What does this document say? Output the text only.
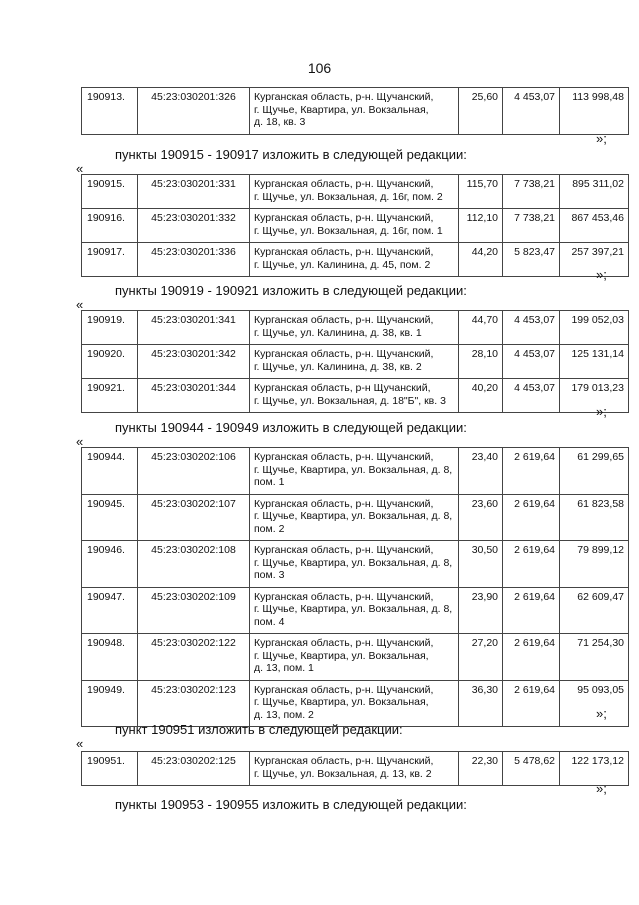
106
190913.	45:23:030201:326	Курганская область, р-н. Щучанский,
г. Щучье, Квартира, ул. Вокзальная,
д. 18, кв. 3	25,60	4 453,07	113 998,48
»;
пункты 190915 - 190917 изложить в следующей редакции:
«
190915.	45:23:030201:331	Курганская область, р-н. Щучанский,
г. Щучье, ул. Вокзальная, д. 16г, пом. 2	115,70	7 738,21	895 311,02
190916.	45:23:030201:332	Курганская область, р-н. Щучанский,
г. Щучье, ул. Вокзальная, д. 16г, пом. 1	112,10	7 738,21	867 453,46
190917.	45:23:030201:336	Курганская область, р-н. Щучанский,
г. Щучье, ул. Калинина, д. 45, пом. 2	44,20	5 823,47	257 397,21
»;
пункты 190919 - 190921 изложить в следующей редакции:
«
190919.	45:23:030201:341	Курганская область, р-н. Щучанский,
г. Щучье, ул. Калинина, д. 38, кв. 1	44,70	4 453,07	199 052,03
190920.	45:23:030201:342	Курганская область, р-н. Щучанский,
г. Щучье, ул. Калинина, д. 38, кв. 2	28,10	4 453,07	125 131,14
190921.	45:23:030201:344	Курганская область, р-н Щучанский,
г. Щучье, ул. Вокзальная, д. 18"Б", кв. 3	40,20	4 453,07	179 013,23
»;
пункты 190944 - 190949 изложить в следующей редакции:
«
190944.	45:23:030202:106	Курганская область, р-н. Щучанский,
г. Щучье, Квартира, ул. Вокзальная, д. 8,
пом. 1	23,40	2 619,64	61 299,65
190945.	45:23:030202:107	Курганская область, р-н. Щучанский,
г. Щучье, Квартира, ул. Вокзальная, д. 8,
пом. 2	23,60	2 619,64	61 823,58
190946.	45:23:030202:108	Курганская область, р-н. Щучанский,
г. Щучье, Квартира, ул. Вокзальная, д. 8,
пом. 3	30,50	2 619,64	79 899,12
190947.	45:23:030202:109	Курганская область, р-н. Щучанский,
г. Щучье, Квартира, ул. Вокзальная, д. 8,
пом. 4	23,90	2 619,64	62 609,47
190948.	45:23:030202:122	Курганская область, р-н. Щучанский,
г. Щучье, Квартира, ул. Вокзальная,
д. 13, пом. 1	27,20	2 619,64	71 254,30
190949.	45:23:030202:123	Курганская область, р-н. Щучанский,
г. Щучье, Квартира, ул. Вокзальная,
д. 13, пом. 2	36,30	2 619,64	95 093,05
»;
пункт 190951 изложить в следующей редакции:
«
190951.	45:23:030202:125	Курганская область, р-н. Щучанский,
г. Щучье, ул. Вокзальная, д. 13, кв. 2	22,30	5 478,62	122 173,12
»;
пункты 190953 - 190955 изложить в следующей редакции:
